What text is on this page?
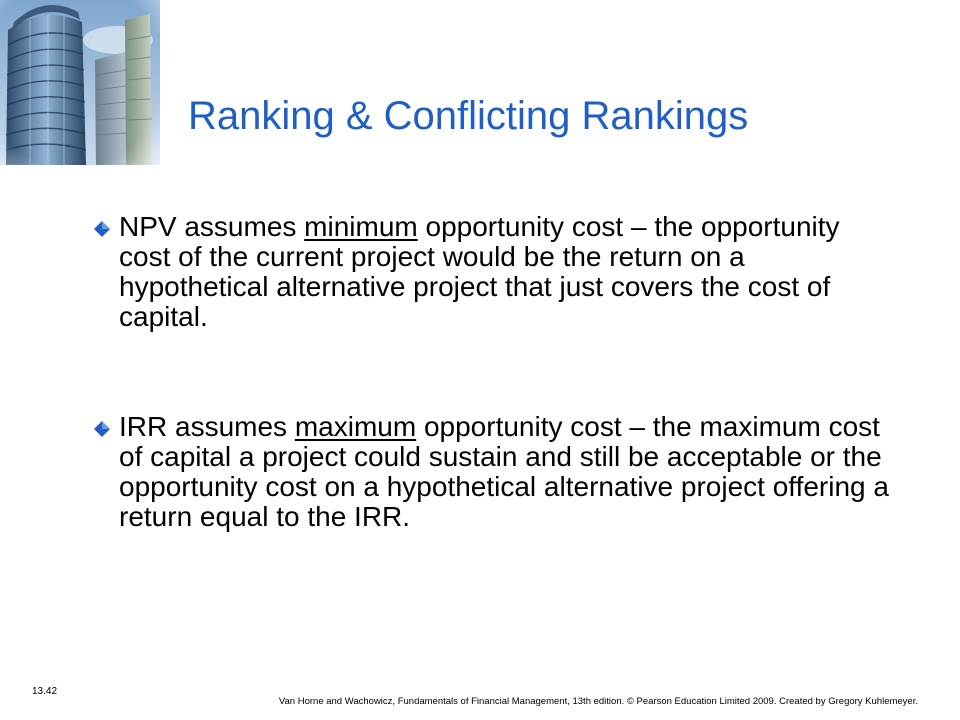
Ranking & Conflicting Rankings
NPV assumes minimum opportunity cost – the opportunity cost of the current project would be the return on a hypothetical alternative project that just covers the cost of capital.
IRR assumes maximum opportunity cost – the maximum cost of capital a project could sustain and still be acceptable or the opportunity cost on a hypothetical alternative project offering a return equal to the IRR.
13.42
Van Horne and Wachowicz, Fundamentals of Financial Management, 13th edition. © Pearson Education Limited 2009. Created by Gregory Kuhlemeyer.
